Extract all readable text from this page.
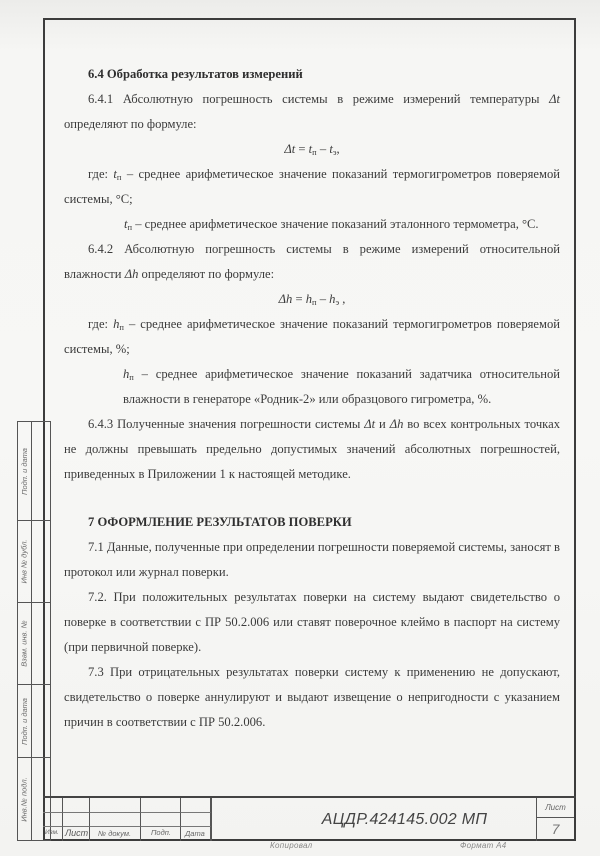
6.4 Обработка результатов измерений

6.4.1 Абсолютную погрешность системы в режиме измерений температуры Δt определяют по формуле:

$\Delta t = t_п - t_э$,

где: $t_п$ – среднее арифметическое значение показаний термогигрометров поверяемой системы, °C;

$t_п$ – среднее арифметическое значение показаний эталонного термометра, °C.

6.4.2 Абсолютную погрешность системы в режиме измерений относительной влажности Δh определяют по формуле:

$\Delta h = h_п - h_э$ ,

где: $h_п$ – среднее арифметическое значение показаний термогигрометров поверяемой системы, %;

$h_п$ – среднее арифметическое значение показаний задатчика относительной влажности в генераторе «Родник-2» или образцового гигрометра, %.

6.4.3 Полученные значения погрешности системы Δt и Δh во всех контрольных точках не должны превышать предельно допустимых значений абсолютных погрешностей, приведенных в Приложении 1 к настоящей методике.

7 ОФОРМЛЕНИЕ РЕЗУЛЬТАТОВ ПОВЕРКИ

7.1 Данные, полученные при определении погрешности поверяемой системы, заносят в протокол или журнал поверки.

7.2. При положительных результатах поверки на систему выдают свидетельство о поверке в соответствии с ПР 50.2.006 или ставят поверочное клеймо в паспорт на систему (при первичной поверке).

7.3 При отрицательных результатах поверки систему к применению не допускают, свидетельство о поверке аннулируют и выдают извещение о непригодности с указанием причин в соответствии с ПР 50.2.006.

Подп. и дата
Инв № дубл.
Взам. инв. №
Подп. и дата
Инв.№ подл.
Изм. Лист № докум.	Подп. Дата
АЦДР.424145.002 МП
Лист
7
Копировал	Формат А4
